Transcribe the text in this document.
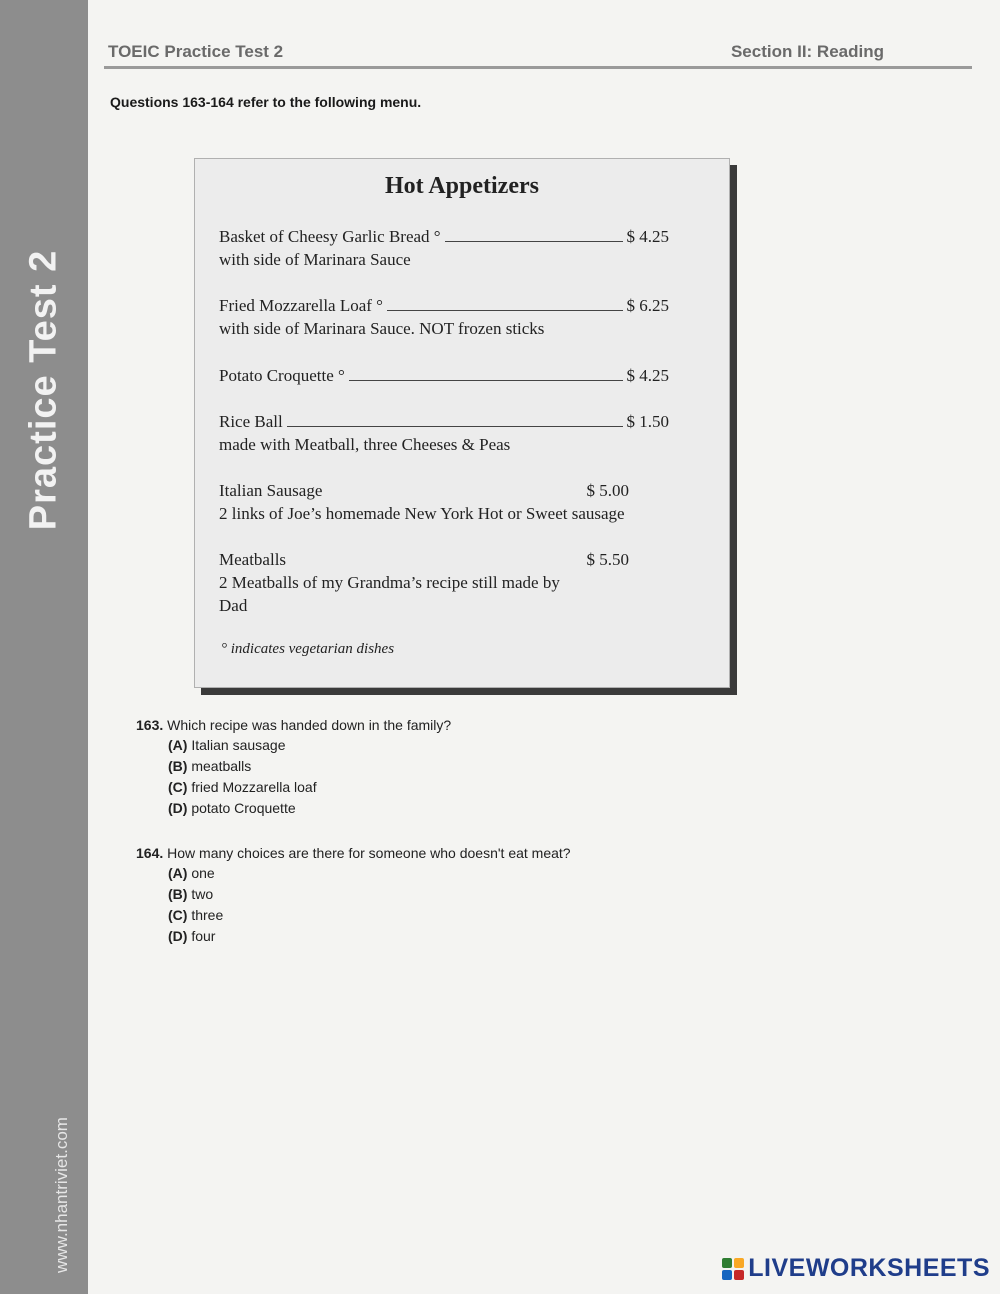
Practice Test 2
www.nhantriviet.com
TOEIC Practice Test 2	Section II: Reading
Questions 163-164 refer to the following menu.
Hot Appetizers
Basket of Cheesy Garlic Bread °	$ 4.25
with side of Marinara Sauce
Fried Mozzarella Loaf °	$ 6.25
with side of Marinara Sauce. NOT frozen sticks
Potato Croquette °	$ 4.25
Rice Ball	$ 1.50
made with Meatball, three Cheeses & Peas
Italian Sausage	$ 5.00
2 links of Joe’s homemade New York Hot or Sweet sausage
Meatballs	$ 5.50
2 Meatballs of my Grandma’s recipe still made by Dad
° indicates vegetarian dishes
163. Which recipe was handed down in the family?
(A) Italian sausage
(B) meatballs
(C) fried Mozzarella loaf
(D) potato Croquette
164. How many choices are there for someone who doesn't eat meat?
(A) one
(B) two
(C) three
(D) four
LIVEWORKSHEETS
